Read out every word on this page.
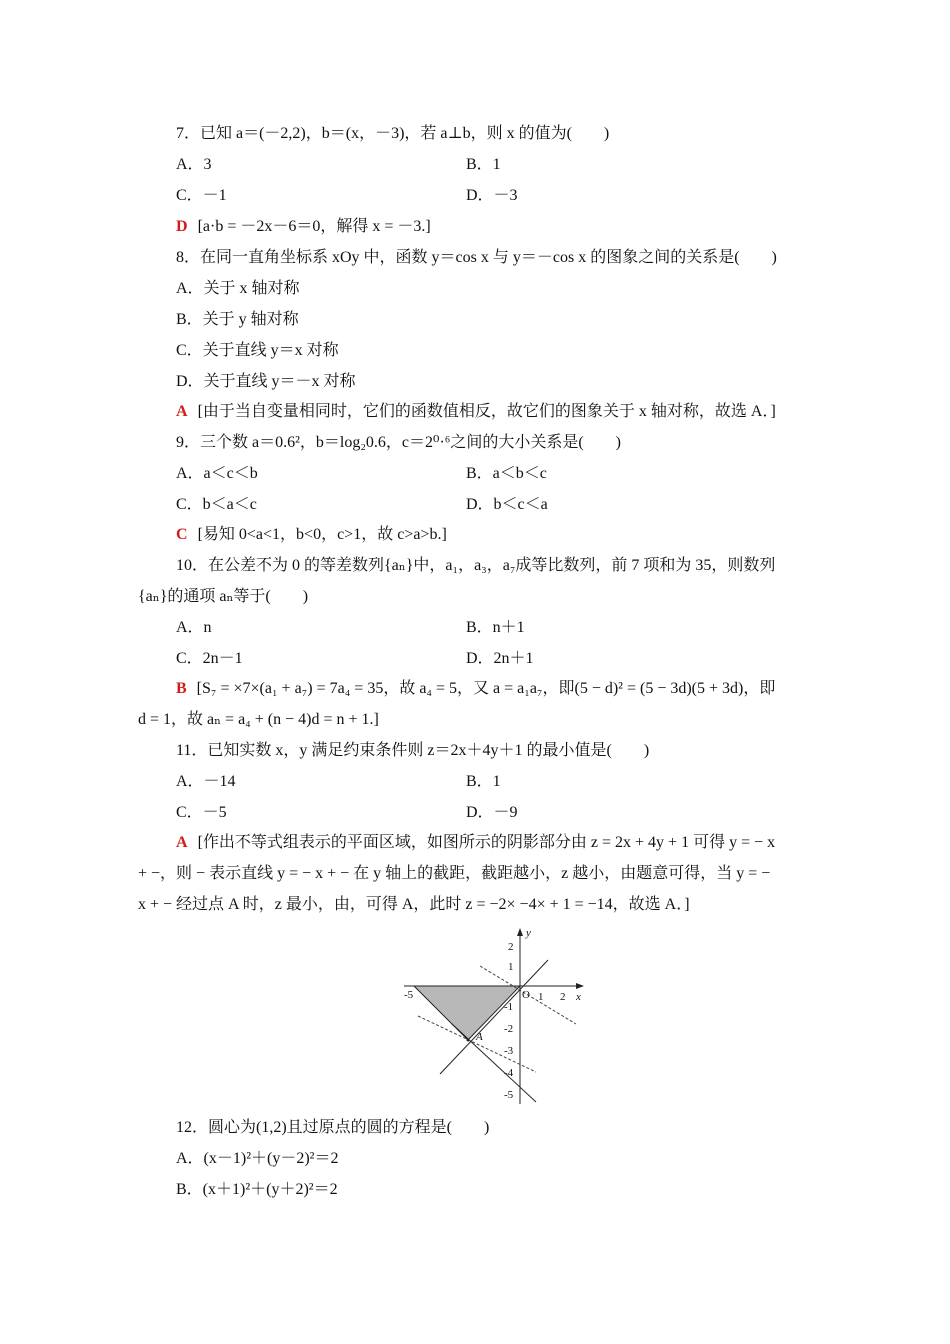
7．已知 a＝(－2,2)，b＝(x，－3)，若 a⊥b，则 x 的值为(　　)
A．3	B．1
C．－1	D．－3
D [a·b = －2x－6＝0，解得 x = －3.]
8．在同一直角坐标系 xOy 中，函数 y＝cos x 与 y＝－cos x 的图象之间的关系是(　　)
A．关于 x 轴对称
B．关于 y 轴对称
C．关于直线 y＝x 对称
D．关于直线 y＝－x 对称
A [由于当自变量相同时，它们的函数值相反，故它们的图象关于 x 轴对称，故选 A．]
9．三个数 a＝0.6²，b＝log₂0.6，c＝2⁰·⁶之间的大小关系是(　　)
A．a＜c＜b	B．a＜b＜c
C．b＜a＜c	D．b＜c＜a
C [易知 0<a<1，b<0，c>1，故 c>a>b.]
10．在公差不为 0 的等差数列{aₙ}中，a₁，a₃，a₇成等比数列，前 7 项和为 35，则数列
{aₙ}的通项 aₙ等于(　　)
A．n	B．n＋1
C．2n－1	D．2n＋1
B [S₇ = ×7×(a₁ + a₇) = 7a₄ = 35，故 a₄ = 5，又 a = a₁a₇，即(5 − d)² = (5 − 3d)(5 + 3d)，即
d = 1，故 aₙ = a₄ + (n − 4)d = n + 1.]
11．已知实数 x，y 满足约束条件则 z＝2x＋4y＋1 的最小值是(　　)
A．－14	B．1
C．－5	D．－9
A [作出不等式组表示的平面区域，如图所示的阴影部分由 z = 2x + 4y + 1 可得 y = − x
+ −，则 − 表示直线 y = − x + − 在 y 轴上的截距，截距越小，z 越小，由题意可得，当 y = −
x + − 经过点 A 时，z 最小，由，可得 A，此时 z = −2× −4× + 1 = −14，故选 A．]
y
x
O
A
2
1
-1
-2
-3
-4
-5
-5	1 2
12．圆心为(1,2)且过原点的圆的方程是(　　)
A．(x－1)²＋(y－2)²＝2
B．(x＋1)²＋(y＋2)²＝2
